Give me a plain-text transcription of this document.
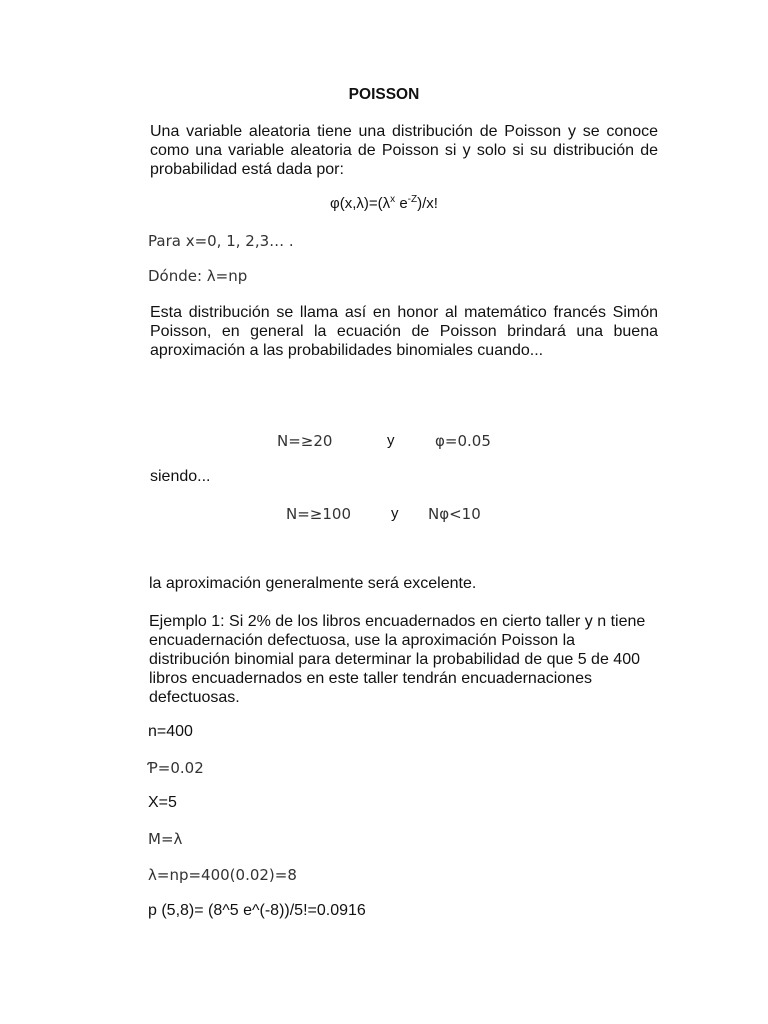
POISSON
Una variable aleatoria tiene una distribución de Poisson y se conoce como una variable aleatoria de Poisson si y solo si su distribución de probabilidad está dada por:
$\varphi(x,\lambda)=(\lambda^x$ $e^{-Z})/x$!
Para x=0, 1, 2,3… .
Dónde: λ=np
Esta distribución se llama así en honor al matemático francés Simón Poisson, en general la ecuación de Poisson brindará una buena aproximación a las probabilidades binomiales cuando...
N=≥20	y	φ=0.05
siendo...
N=≥100	y Nφ<10
la aproximación generalmente será excelente.
Ejemplo 1: Si 2% de los libros encuadernados en cierto taller y n tiene encuadernación defectuosa, use la aproximación Poisson la distribución binomial para determinar la probabilidad de que 5 de 400 libros encuadernados en este taller tendrán encuadernaciones defectuosas.
n=400
Ƥ=0.02
X=5
M=λ
λ=np=400(0.02)=8
p (5,8)= (8^5 e^(-8))/5!=0.0916
